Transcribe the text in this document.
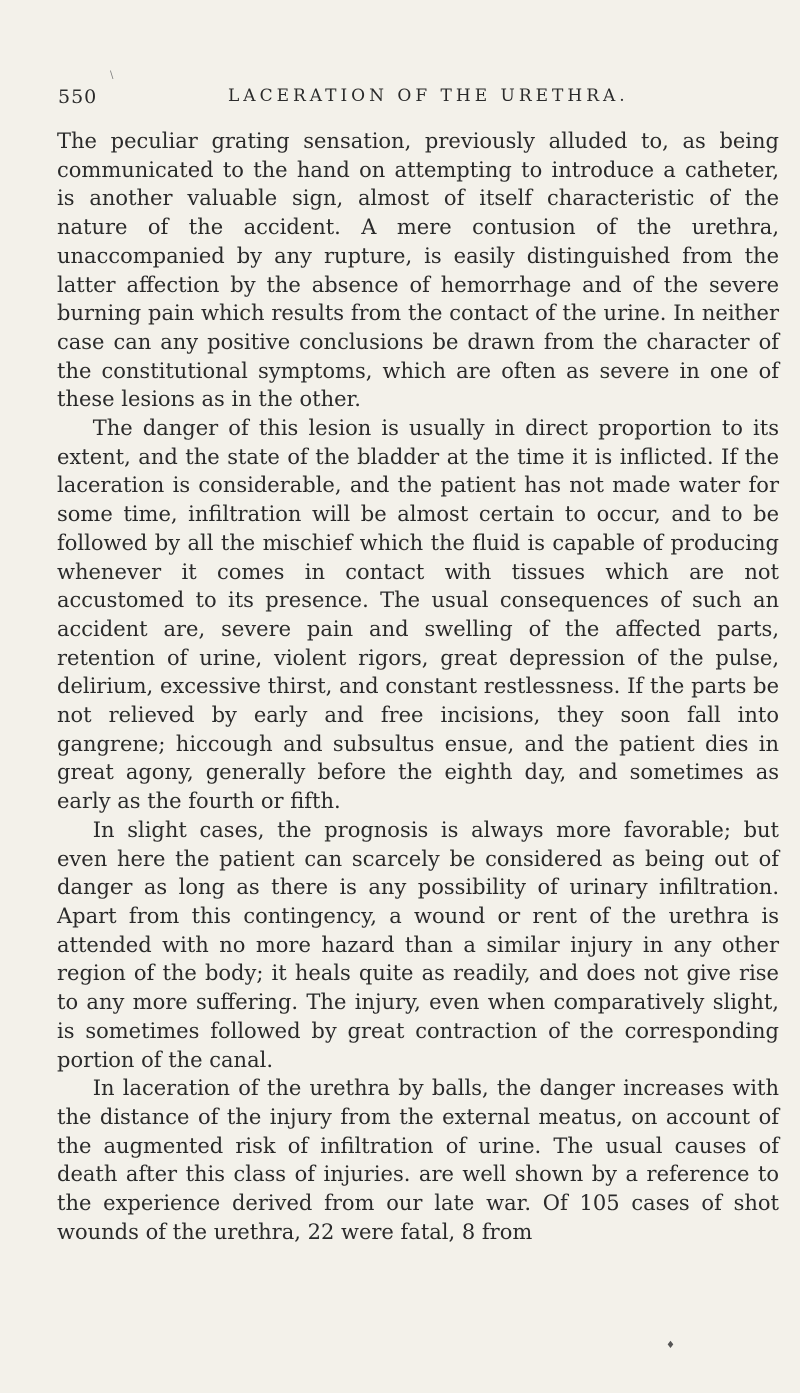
\
550	LACERATION OF THE URETHRA.

The peculiar grating sensation, previously alluded to, as being communicated to the hand on attempting to introduce a catheter, is another valuable sign, almost of itself characteristic of the nature of the accident. A mere contusion of the urethra, unaccompanied by any rupture, is easily distinguished from the latter affection by the absence of hemorrhage and of the severe burning pain which results from the contact of the urine. In neither case can any positive conclusions be drawn from the character of the constitutional symptoms, which are often as severe in one of these lesions as in the other.

The danger of this lesion is usually in direct proportion to its extent, and the state of the bladder at the time it is inflicted. If the laceration is considerable, and the patient has not made water for some time, infiltration will be almost certain to occur, and to be followed by all the mischief which the fluid is capable of producing whenever it comes in contact with tissues which are not accustomed to its presence. The usual consequences of such an accident are, severe pain and swelling of the affected parts, retention of urine, violent rigors, great depression of the pulse, delirium, excessive thirst, and constant restlessness. If the parts be not relieved by early and free incisions, they soon fall into gangrene; hiccough and subsultus ensue, and the patient dies in great agony, generally before the eighth day, and sometimes as early as the fourth or fifth.

In slight cases, the prognosis is always more favorable; but even here the patient can scarcely be considered as being out of danger as long as there is any possibility of urinary infiltration. Apart from this contingency, a wound or rent of the urethra is attended with no more hazard than a similar injury in any other region of the body; it heals quite as readily, and does not give rise to any more suffering. The injury, even when comparatively slight, is sometimes followed by great contraction of the corresponding portion of the canal.

In laceration of the urethra by balls, the danger increases with the distance of the injury from the external meatus, on account of the augmented risk of infiltration of urine. The usual causes of death after this class of injuries. are well shown by a reference to the experience derived from our late war. Of 105 cases of shot wounds of the urethra, 22 were fatal, 8 from

♦
